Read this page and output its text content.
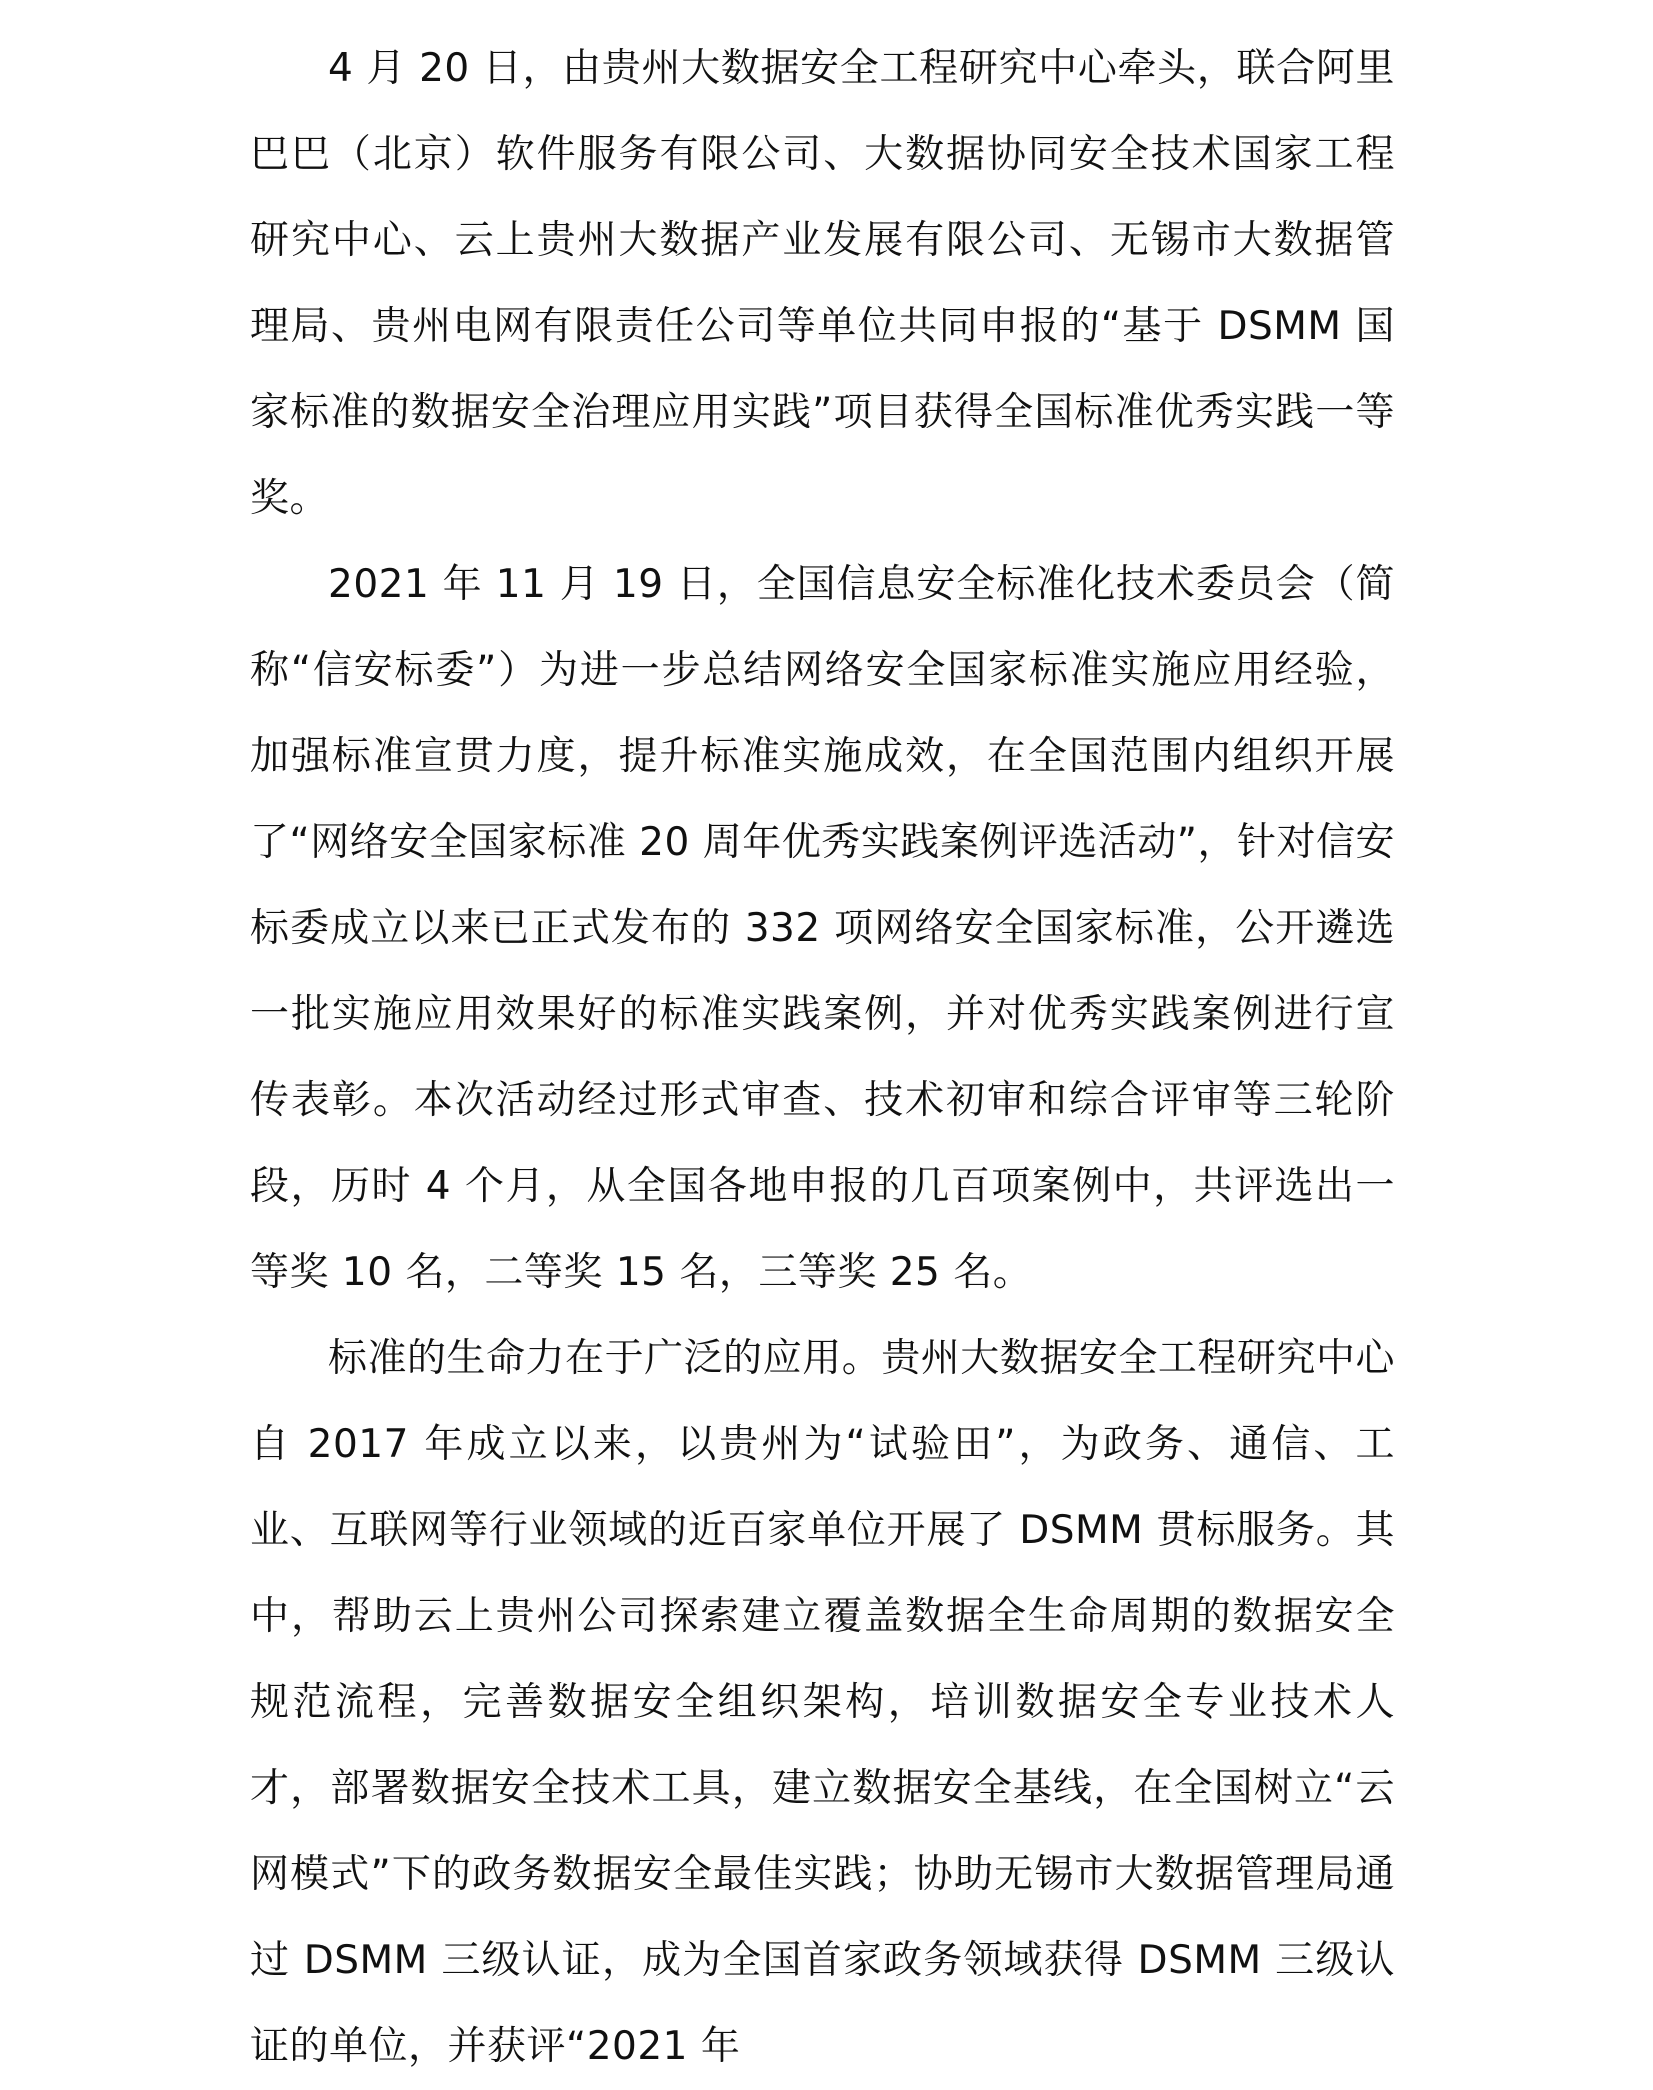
4 月 20 日，由贵州大数据安全工程研究中心牵头，联合阿里巴巴（北京）软件服务有限公司、大数据协同安全技术国家工程研究中心、云上贵州大数据产业发展有限公司、无锡市大数据管理局、贵州电网有限责任公司等单位共同申报的“基于 DSMM 国家标准的数据安全治理应用实践”项目获得全国标准优秀实践一等奖。

2021 年 11 月 19 日，全国信息安全标准化技术委员会（简称“信安标委”）为进一步总结网络安全国家标准实施应用经验，加强标准宣贯力度，提升标准实施成效，在全国范围内组织开展了“网络安全国家标准 20 周年优秀实践案例评选活动”，针对信安标委成立以来已正式发布的 332 项网络安全国家标准，公开遴选一批实施应用效果好的标准实践案例，并对优秀实践案例进行宣传表彰。本次活动经过形式审查、技术初审和综合评审等三轮阶段，历时 4 个月，从全国各地申报的几百项案例中，共评选出一等奖 10 名，二等奖 15 名，三等奖 25 名。

标准的生命力在于广泛的应用。贵州大数据安全工程研究中心自 2017 年成立以来，以贵州为“试验田”，为政务、通信、工业、互联网等行业领域的近百家单位开展了 DSMM 贯标服务。其中，帮助云上贵州公司探索建立覆盖数据全生命周期的数据安全规范流程，完善数据安全组织架构，培训数据安全专业技术人才，部署数据安全技术工具，建立数据安全基线，在全国树立“云网模式”下的政务数据安全最佳实践；协助无锡市大数据管理局通过 DSMM 三级认证，成为全国首家政务领域获得 DSMM 三级认证的单位，并获评“2021 年
